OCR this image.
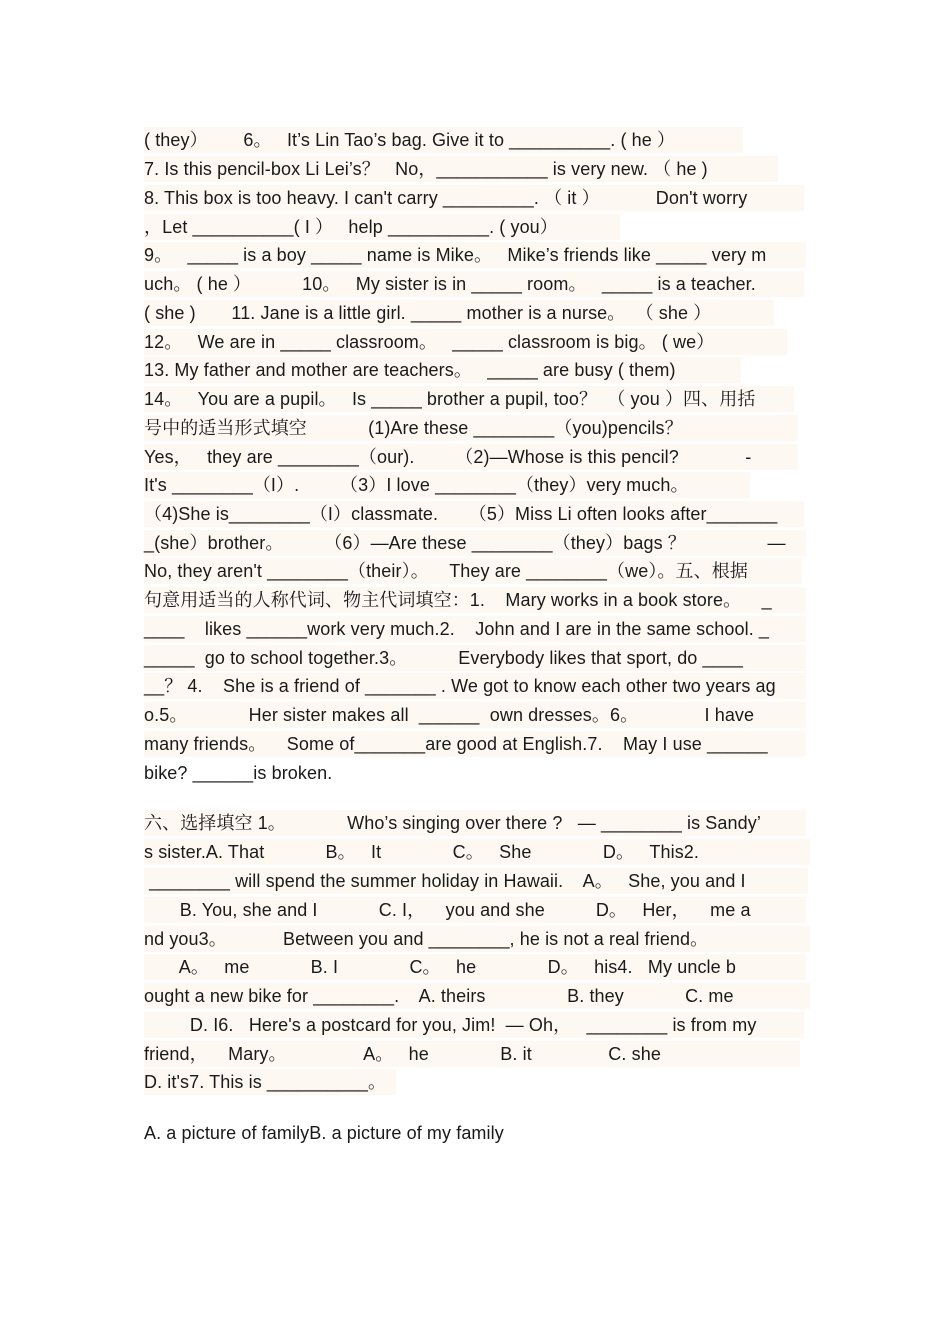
( they）       6。   It’s Lin Tao’s bag. Give it to __________. ( he ）
7. Is this pencil-box Li Lei’s？   No，___________ is very new. （ he )
8. This box is too heavy. I can't carry _________. （ it ）           Don't worry
，Let __________( I ）   help __________. ( you）
9。   _____ is a boy _____ name is Mike。   Mike’s friends like _____ very m
uch。 ( he ）          10。   My sister is in _____ room。   _____ is a teacher.
( she )       11. Jane is a little girl. _____ mother is a nurse。  （ she ）
12。   We are in _____ classroom。   _____ classroom is big。 ( we）
13. My father and mother are teachers。   _____ are busy ( them)
14。   You are a pupil。   Is _____ brother a pupil, too？  （ you ）四、用括
号中的适当形式填空            (1)Are these ________（you)pencils？
Yes，   they are ________（our).        （2)—Whose is this pencil?             -
It's ________（I）.        （3）I love ________（they）very much。
（4)She is________（I）classmate.      （5）Miss Li often looks after_______
_(she）brother。        （6）—Are these ________（they）bags ？                —
No, they aren't ________（their）。    They are ________（we）。五、根据
句意用适当的人称代词、物主代词填空：1.    Mary works in a book store。    _
____    likes ______work very much.2.    John and I are in the same school. _
_____  go to school together.3。          Everybody likes that sport, do ____
__？ 4.    She is a friend of _______ . We got to know each other two years ag
o.5。            Her sister makes all  ______  own dresses。6。             I have
many friends。    Some of_______are good at English.7.    May I use ______
bike? ______is broken.
六、选择填空 1。            Who’s singing over there ?   — ________ is Sandy’
s sister.A. That            B。   It              C。   She              D。   This2.
________ will spend the summer holiday in Hawaii.    A。   She, you and I
B. You, she and I            C. I，    you and she          D。   Her，    me a
nd you3。           Between you and ________, he is not a real friend。
A。   me            B. I              C。   he              D。   his4.   My uncle b
ought a new bike for ________.    A. theirs                B. they            C. me
D. I6.   Here's a postcard for you, Jim!  — Oh，   ________ is from my
friend，    Mary。               A。   he              B. it               C. she
D. it's7. This is __________。
A. a picture of familyB. a picture of my family
